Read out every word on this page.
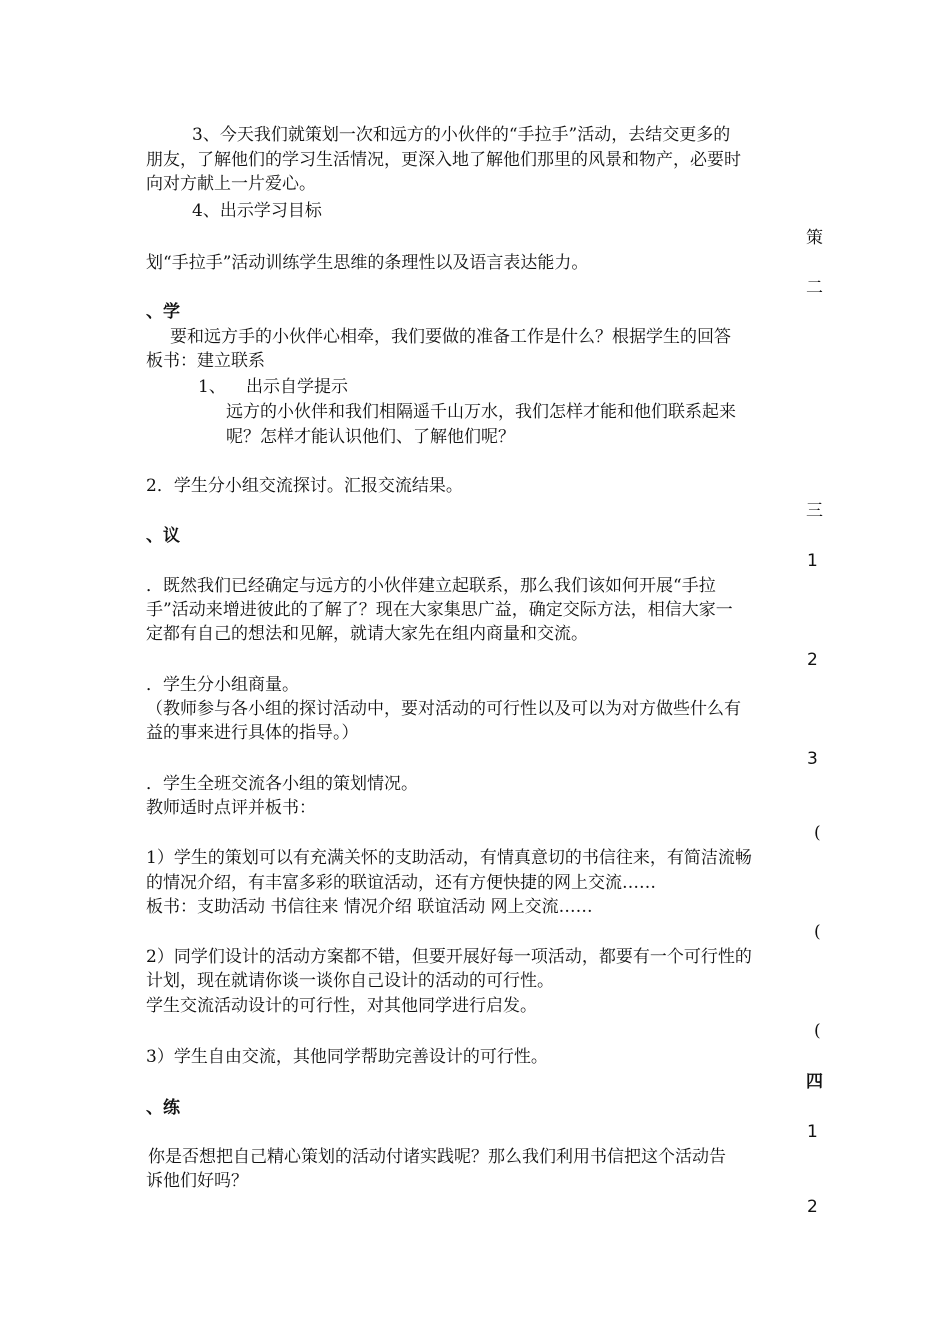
3、今天我们就策划一次和远方的小伙伴的“手拉手”活动，去结交更多的
朋友，了解他们的学习生活情况，更深入地了解他们那里的风景和物产，必要时
向对方献上一片爱心。
4、出示学习目标
策
划“手拉手”活动训练学生思维的条理性以及语言表达能力。
二
、学
要和远方手的小伙伴心相牵，我们要做的准备工作是什么？根据学生的回答
板书：建立联系
1、 出示自学提示
远方的小伙伴和我们相隔遥千山万水，我们怎样才能和他们联系起来
呢？怎样才能认识他们、了解他们呢？
2．学生分小组交流探讨。汇报交流结果。
三
、议
1
．既然我们已经确定与远方的小伙伴建立起联系，那么我们该如何开展“手拉
手”活动来增进彼此的了解了？现在大家集思广益，确定交际方法，相信大家一
定都有自己的想法和见解，就请大家先在组内商量和交流。
2
．学生分小组商量。
（教师参与各小组的探讨活动中，要对活动的可行性以及可以为对方做些什么有
益的事来进行具体的指导。）
3
．学生全班交流各小组的策划情况。
教师适时点评并板书：
(
1）学生的策划可以有充满关怀的支助活动，有情真意切的书信往来，有简洁流畅
的情况介绍，有丰富多彩的联谊活动，还有方便快捷的网上交流……
板书：支助活动 书信往来 情况介绍 联谊活动 网上交流……
(
2）同学们设计的活动方案都不错，但要开展好每一项活动，都要有一个可行性的
计划，现在就请你谈一谈你自己设计的活动的可行性。
学生交流活动设计的可行性，对其他同学进行启发。
(
3）学生自由交流，其他同学帮助完善设计的可行性。
四
、练
1
你是否想把自己精心策划的活动付诸实践呢？那么我们利用书信把这个活动告
诉他们好吗？
2
